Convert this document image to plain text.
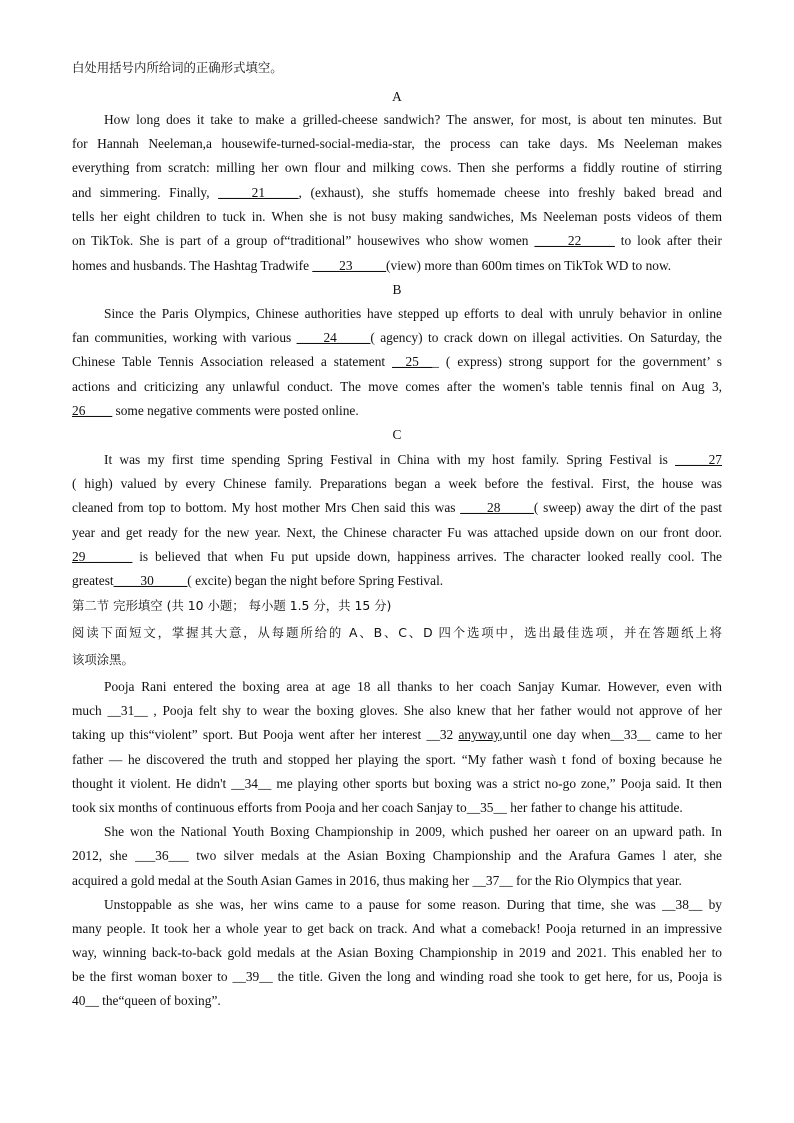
白处用括号内所给词的正确形式填空。
A
How long does it take to make a grilled-cheese sandwich? The answer, for most, is about ten minutes. But
for Hannah Neeleman,a housewife-turned-social-media-star, the process can take days. Ms Neeleman makes
everything from scratch: milling her own flour and milking cows. Then she performs a fiddly routine of stirring
and simmering. Finally, _____21_____, (exhaust), she stuffs homemade cheese into freshly baked bread and
tells her eight children to tuck in. When she is not busy making sandwiches, Ms Neeleman posts videos of them
on TikTok. She is part of a group of“traditional” housewives who show women _____22_____ to look after their
homes and husbands. The Hashtag Tradwife ____23_____(view) more than 600m times on TikTok WD to now.
B
Since the Paris Olympics, Chinese authorities have stepped up efforts to deal with unruly behavior in online
fan communities, working with various ____24_____( agency) to crack down on illegal activities. On Saturday, the
Chinese Table Tennis Association released a statement __25___ ( express) strong support for the government’ s
actions and criticizing any unlawful conduct. The move comes after the women's table tennis final on Aug 3,
26____ some negative comments were posted online.
C
It was my first time spending Spring Festival in China with my host family. Spring Festival is _____27
( high) valued by every Chinese family. Preparations began a week before the festival. First, the house was
cleaned from top to bottom. My host mother Mrs Chen said this was ____28_____( sweep) away the dirt of the past
year and get ready for the new year. Next, the Chinese character Fu was attached upside down on our front door.
29_______ is believed that when Fu put upside down, happiness arrives. The character looked really cool. The
greatest____30_____( excite) began the night before Spring Festival.
第二节 完形填空 (共 10 小题； 每小题 1.5 分，共 15 分)
阅读下面短文，掌握其大意，从每题所给的 A、B、C、D 四个选项中，选出最佳选项，并在答题纸上将
该项涂黑。
Pooja Rani entered the boxing area at age 18 all thanks to her coach Sanjay Kumar. However, even with
much __31__ , Pooja felt shy to wear the boxing gloves. She also knew that her father would not approve of her
taking up this“violent” sport. But Pooja went after her interest __32 anyway,until one day when__33__ came to her
father — he discovered the truth and stopped her playing the sport. “My father wasǹ t fond of boxing because he
thought it violent. He didn't __34__ me playing other sports but boxing was a strict no-go zone,” Pooja said. It then
took six months of continuous efforts from Pooja and her coach Sanjay to__35__ her father to change his attitude.
She won the National Youth Boxing Championship in 2009, which pushed her oareer on an upward path. In
2012, she ___36___ two silver medals at the Asian Boxing Championship and the Arafura Games l ater, she
acquired a gold medal at the South Asian Games in 2016, thus making her __37__ for the Rio Olympics that year.
Unstoppable as she was, her wins came to a pause for some reason. During that time, she was __38__ by
many people. It took her a whole year to get back on track. And what a comeback! Pooja returned in an impressive
way, winning back-to-back gold medals at the Asian Boxing Championship in 2019 and 2021. This enabled her to
be the first woman boxer to __39__ the title. Given the long and winding road she took to get here, for us, Pooja is
40__ the“queen of boxing”.
